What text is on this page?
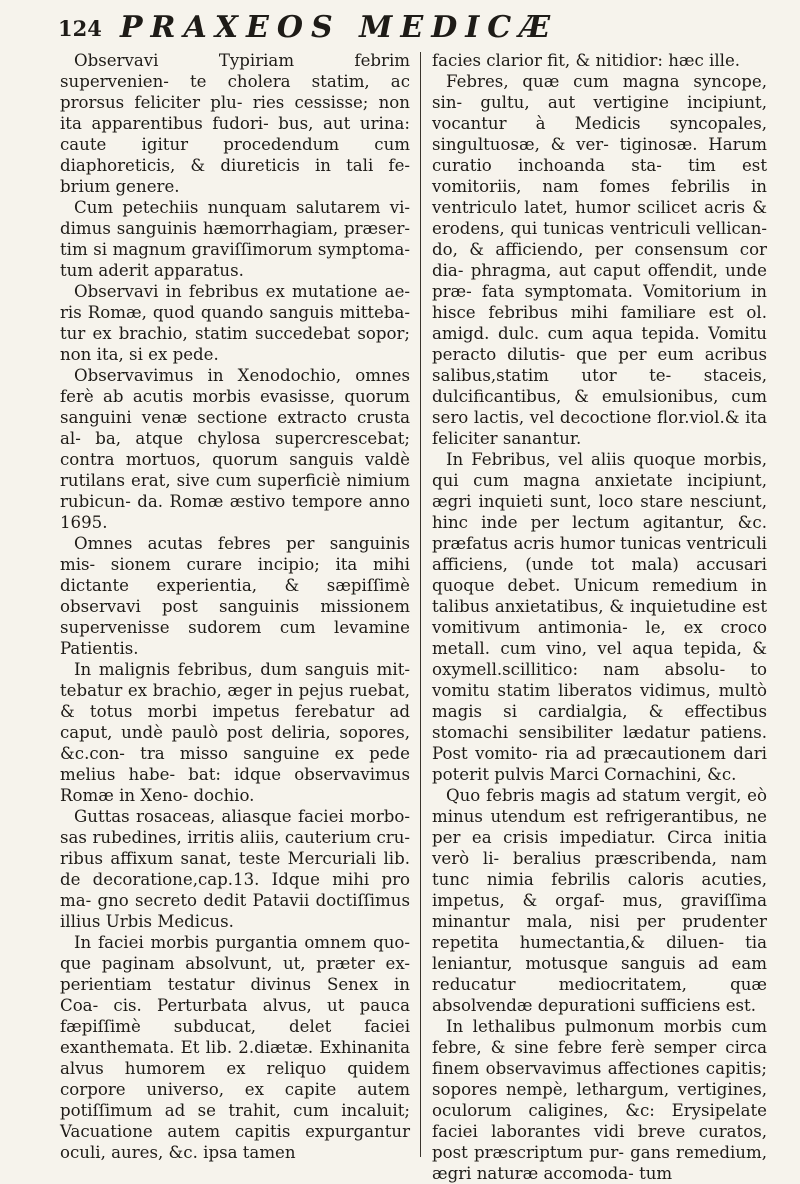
124 PRAXEOS MEDICÆ

Observavi Typiriam febrim supervenien- te cholera statim, ac prorsus feliciter plu- ries cessisse; non ita apparentibus fudori- bus, aut urina: caute igitur procedendum cum diaphoreticis, & diureticis in tali fe- brium genere.

Cum petechiis nunquam salutarem vi- dimus sanguinis hæmorrhagiam, præser- tim si magnum graviſſimorum symptoma- tum aderit apparatus.

Observavi in febribus ex mutatione ae- ris Romæ, quod quando sanguis mitteba- tur ex brachio, statim succedebat sopor; non ita, si ex pede.

Observavimus in Xenodochio, omnes ferè ab acutis morbis evasisse, quorum sanguini venæ sectione extracto crusta al- ba, atque chylosa supercrescebat; contra mortuos, quorum sanguis valdè rutilans erat, sive cum superficiè nimium rubicun- da. Romæ æstivo tempore anno 1695.

Omnes acutas febres per sanguinis mis- sionem curare incipio; ita mihi dictante experientia, & sæpiſſimè observavi post sanguinis missionem supervenisse sudorem cum levamine Patientis.

In malignis febribus, dum sanguis mit- tebatur ex brachio, æger in pejus ruebat, & totus morbi impetus ferebatur ad caput, undè paulò post deliria, sopores, &c.con- tra misso sanguine ex pede melius habe- bat: idque observavimus Romæ in Xeno- dochio.

Guttas rosaceas, aliasque faciei morbo- sas rubedines, irritis aliis, cauterium cru- ribus affixum sanat, teste Mercuriali lib. de decoratione,cap.13. Idque mihi pro ma- gno secreto dedit Patavii doctiſſimus illius Urbis Medicus.

In faciei morbis purgantia omnem quo- que paginam absolvunt, ut, præter ex- perientiam testatur divinus Senex in Coa- cis. Perturbata alvus, ut pauca fæpiſſimè subducat, delet faciei exanthemata. Et lib. 2.diætæ. Exhinanita alvus humorem ex reliquo quidem corpore universo, ex capite autem potiſſimum ad se trahit, cum incaluit; Vacuatione autem capitis expurgantur oculi, aures, &c. ipsa tamen

facies clarior fit, & nitidior: hæc ille.

Febres, quæ cum magna syncope, sin- gultu, aut vertigine incipiunt, vocantur à Medicis syncopales, singultuosæ, & ver- tiginosæ. Harum curatio inchoanda sta- tim est vomitoriis, nam fomes febrilis in ventriculo latet, humor scilicet acris & erodens, qui tunicas ventriculi vellican- do, & afficiendo, per consensum cor dia- phragma, aut caput offendit, unde præ- fata symptomata. Vomitorium in hisce febribus mihi familiare est ol. amigd. dulc. cum aqua tepida. Vomitu peracto dilutis- que per eum acribus salibus,statim utor te- staceis, dulcificantibus, & emulsionibus, cum sero lactis, vel decoctione flor.viol.& ita feliciter sanantur.

In Febribus, vel aliis quoque morbis, qui cum magna anxietate incipiunt, ægri inquieti sunt, loco stare nesciunt, hinc inde per lectum agitantur, &c. præfatus acris humor tunicas ventriculi afficiens, (unde tot mala) accusari quoque debet. Unicum remedium in talibus anxietatibus, & inquietudine est vomitivum antimonia- le, ex croco metall. cum vino, vel aqua tepida, & oxymell.scillitico: nam absolu- to vomitu statim liberatos vidimus, multò magis si cardialgia, & effectibus stomachi sensibiliter lædatur patiens. Post vomito- ria ad præcautionem dari poterit pulvis Marci Cornachini, &c.

Quo febris magis ad statum vergit, eò minus utendum est refrigerantibus, ne per ea crisis impediatur. Circa initia verò li- beralius præscribenda, nam tunc nimia febrilis caloris acuties, impetus, & orgaf- mus, graviſſima minantur mala, nisi per prudenter repetita humectantia,& diluen- tia leniantur, motusque sanguis ad eam reducatur mediocritatem, quæ absolvendæ depurationi sufficiens est.

In lethalibus pulmonum morbis cum febre, & sine febre ferè semper circa finem observavimus affectiones capitis; sopores nempè, lethargum, vertigines, oculorum caligines, &c: Erysipelate faciei laborantes vidi breve curatos, post præscriptum pur- gans remedium, ægri naturæ accomoda- tum
